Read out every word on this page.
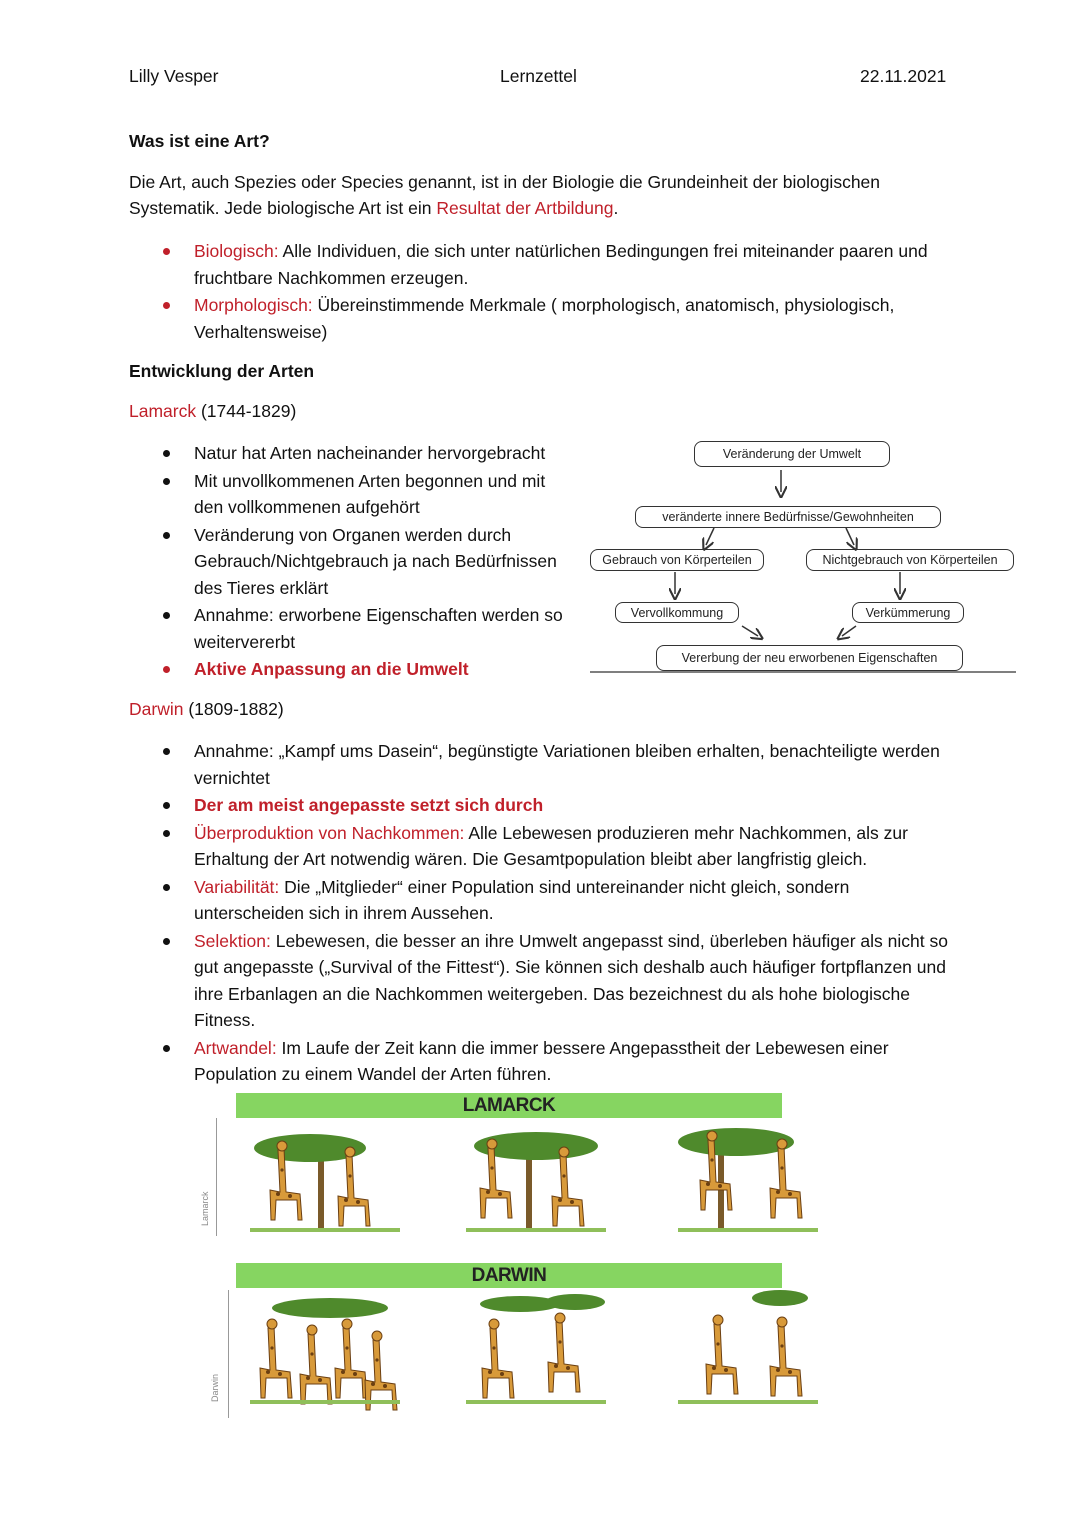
Lilly Vesper	Lernzettel	22.11.2021
Was ist eine Art?
Die Art, auch Spezies oder Species genannt, ist in der Biologie die Grundeinheit der biologischen Systematik. Jede biologische Art ist ein Resultat der Artbildung.
Biologisch: Alle Individuen, die sich unter natürlichen Bedingungen frei miteinander paaren und fruchtbare Nachkommen erzeugen.
Morphologisch: Übereinstimmende Merkmale ( morphologisch, anatomisch, physiologisch, Verhaltensweise)
Entwicklung der Arten
Lamarck (1744-1829)
Natur hat Arten nacheinander hervorgebracht
Mit unvollkommenen Arten begonnen und mit den vollkommenen aufgehört
Veränderung von Organen werden durch Gebrauch/Nichtgebrauch ja nach Bedürfnissen des Tieres erklärt
Annahme: erworbene Eigenschaften werden so weitervererbt
Aktive Anpassung an die Umwelt
Veränderung der Umwelt
veränderte innere Bedürfnisse/Gewohnheiten
Gebrauch von Körperteilen	Nichtgebrauch von Körperteilen
Vervollkommung	Verkümmerung
Vererbung der neu erworbenen Eigenschaften
Darwin (1809-1882)
Annahme: „Kampf ums Dasein“, begünstigte Variationen bleiben erhalten, benachteiligte werden vernichtet
Der am meist angepasste setzt sich durch
Überproduktion von Nachkommen: Alle Lebewesen produzieren mehr Nachkommen, als zur Erhaltung der Art notwendig wären. Die Gesamtpopulation bleibt aber langfristig gleich.
Variabilität: Die „Mitglieder“ einer Population sind untereinander nicht gleich, sondern unterscheiden sich in ihrem Aussehen.
Selektion: Lebewesen, die besser an ihre Umwelt angepasst sind, überleben häufiger als nicht so gut angepasste („Survival of the Fittest“). Sie können sich deshalb auch häufiger fortpflanzen und ihre Erbanlagen an die Nachkommen weitergeben. Das bezeichnest du als hohe biologische Fitness.
Artwandel: Im Laufe der Zeit kann die immer bessere Angepasstheit der Lebewesen einer Population zu einem Wandel der Arten führen.
LAMARCK
Lamarck
DARWIN
Darwin
